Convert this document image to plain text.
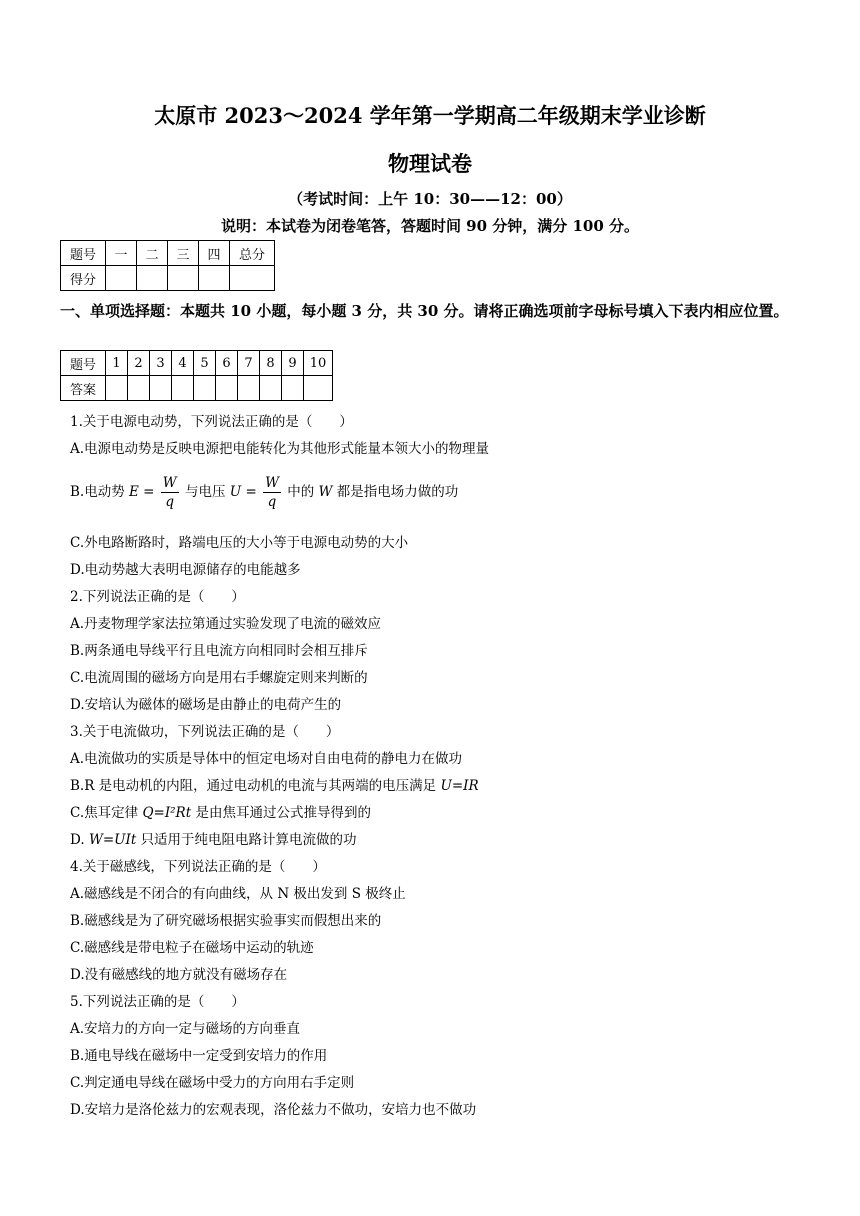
太原市 2023～2024 学年第一学期高二年级期末学业诊断
物理试卷
（考试时间：上午 10：30——12：00）
说明：本试卷为闭卷笔答，答题时间 90 分钟，满分 100 分。
题号	一	二	三	四	总分
得分					
一、单项选择题：本题共 10 小题，每小题 3 分，共 30 分。请将正确选项前字母标号填入下表内相应位置。
题号	1	2	3	4	5	6	7	8	9	10
答案										
1.关于电源电动势，下列说法正确的是（　　）
A.电源电动势是反映电源把电能转化为其他形式能量本领大小的物理量
B.电动势 $E = \frac{W}{q}$ 与电压 $U = \frac{W}{q}$ 中的 W 都是指电场力做的功
C.外电路断路时，路端电压的大小等于电源电动势的大小
D.电动势越大表明电源储存的电能越多
2.下列说法正确的是（　　）
A.丹麦物理学家法拉第通过实验发现了电流的磁效应
B.两条通电导线平行且电流方向相同时会相互排斥
C.电流周围的磁场方向是用右手螺旋定则来判断的
D.安培认为磁体的磁场是由静止的电荷产生的
3.关于电流做功，下列说法正确的是（　　）
A.电流做功的实质是导体中的恒定电场对自由电荷的静电力在做功
B.R 是电动机的内阻，通过电动机的电流与其两端的电压满足 U=IR
C.焦耳定律 Q=I²Rt 是由焦耳通过公式推导得到的
D. W=UIt 只适用于纯电阻电路计算电流做的功
4.关于磁感线，下列说法正确的是（　　）
A.磁感线是不闭合的有向曲线，从 N 极出发到 S 极终止
B.磁感线是为了研究磁场根据实验事实而假想出来的
C.磁感线是带电粒子在磁场中运动的轨迹
D.没有磁感线的地方就没有磁场存在
5.下列说法正确的是（　　）
A.安培力的方向一定与磁场的方向垂直
B.通电导线在磁场中一定受到安培力的作用
C.判定通电导线在磁场中受力的方向用右手定则
D.安培力是洛伦兹力的宏观表现，洛伦兹力不做功，安培力也不做功
